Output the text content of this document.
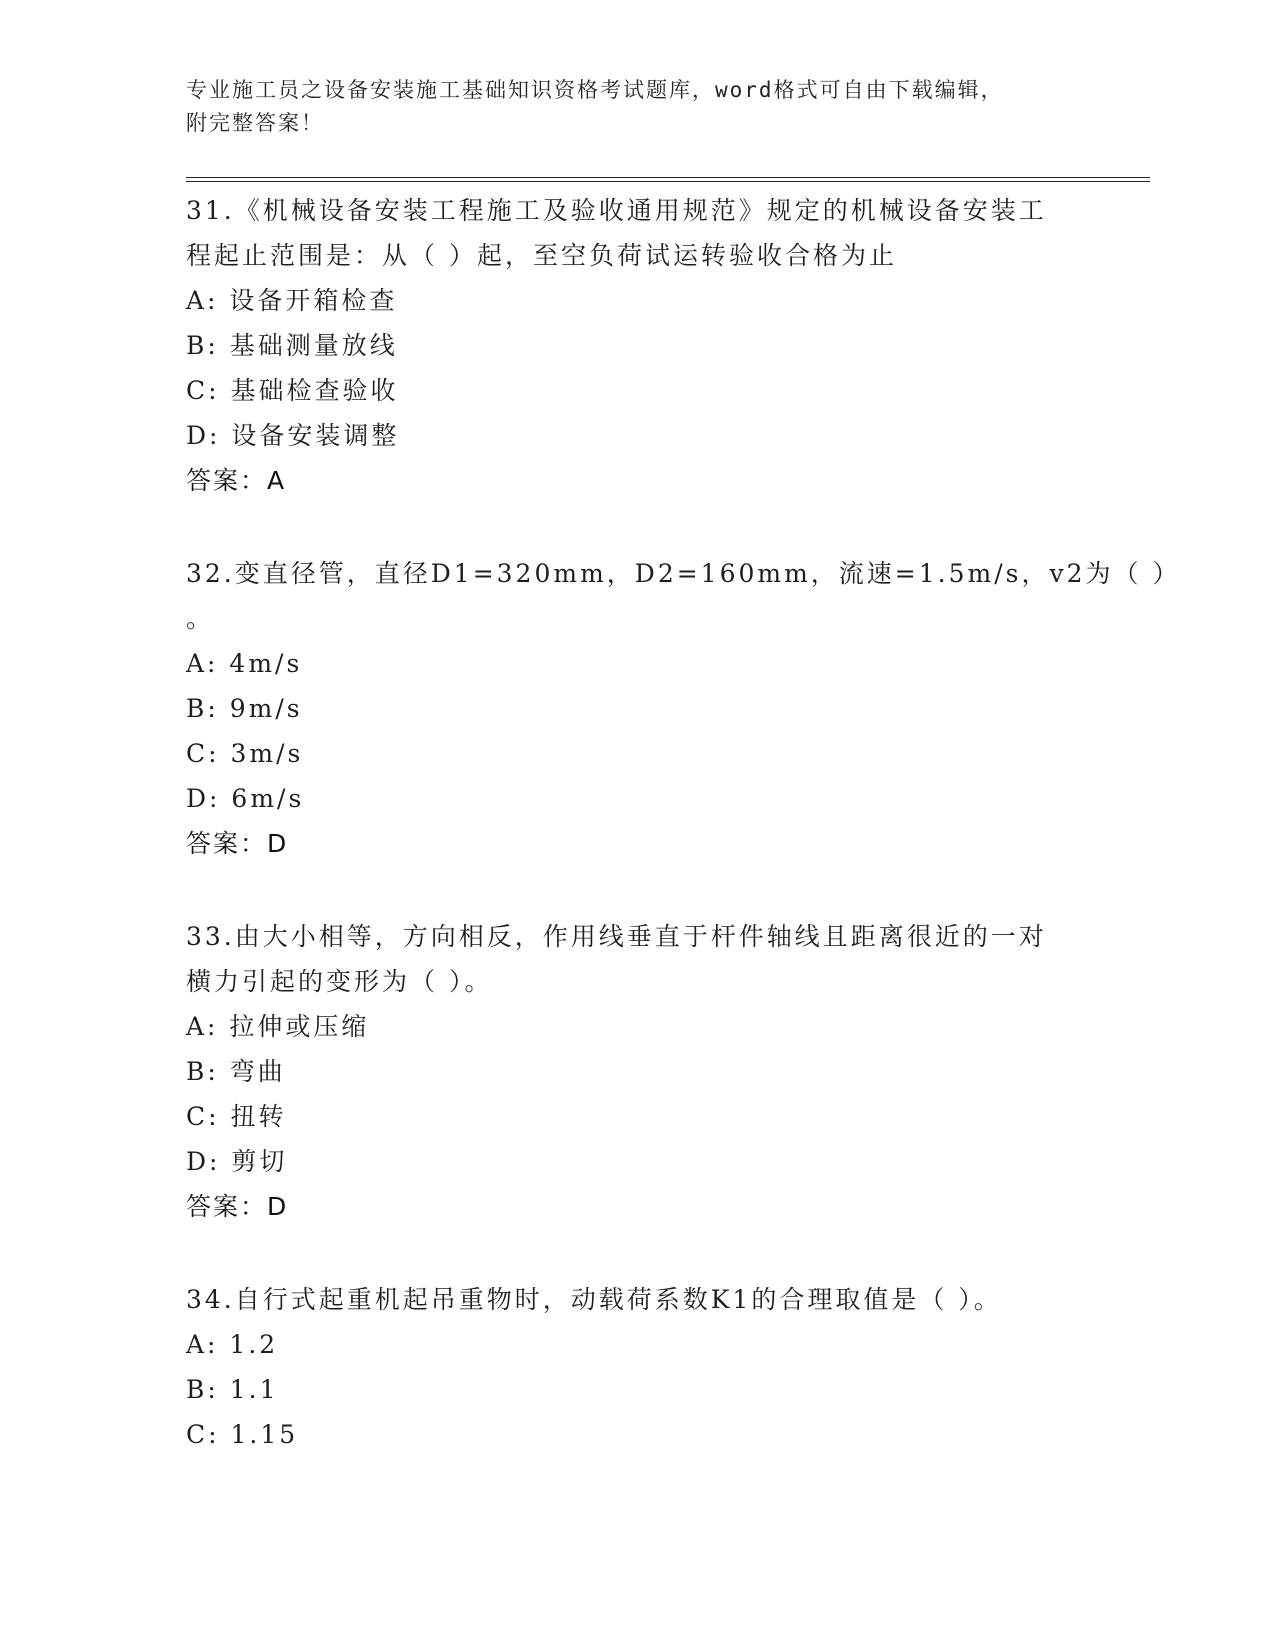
专业施工员之设备安装施工基础知识资格考试题库，word格式可自由下载编辑，
附完整答案！
31.《机械设备安装工程施工及验收通用规范》规定的机械设备安装工
程起止范围是：从（ ）起，至空负荷试运转验收合格为止
A: 设备开箱检查
B: 基础测量放线
C: 基础检查验收
D: 设备安装调整
答案：A
32.变直径管，直径D1=320mm，D2=160mm，流速=1.5m/s，v2为（ ）
。
A: 4m/s
B: 9m/s
C: 3m/s
D: 6m/s
答案：D
33.由大小相等，方向相反，作用线垂直于杆件轴线且距离很近的一对
横力引起的变形为（ ）。
A: 拉伸或压缩
B: 弯曲
C: 扭转
D: 剪切
答案：D
34.自行式起重机起吊重物时，动载荷系数K1的合理取值是（ ）。
A: 1.2
B: 1.1
C: 1.15
